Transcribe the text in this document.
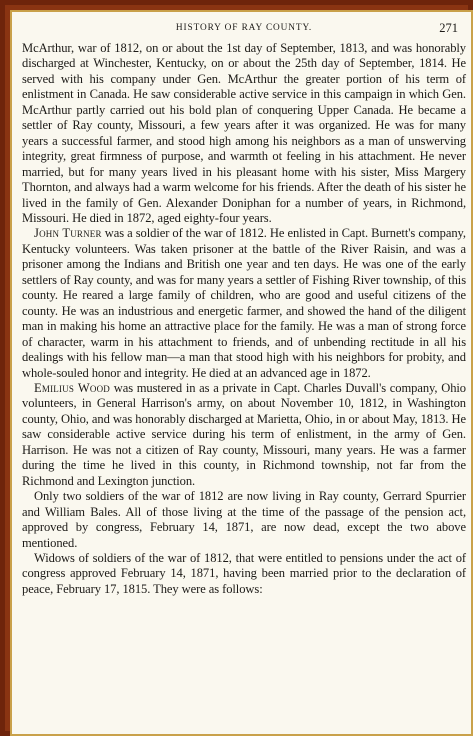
HISTORY OF RAY COUNTY.	271

McArthur, war of 1812, on or about the 1st day of September, 1813, and was honorably discharged at Winchester, Kentucky, on or about the 25th day of September, 1814. He served with his company under Gen. McArthur the greater portion of his term of enlistment in Canada. He saw considerable active service in this campaign in which Gen. McArthur partly carried out his bold plan of conquering Upper Canada. He became a settler of Ray county, Missouri, a few years after it was organized. He was for many years a successful farmer, and stood high among his neighbors as a man of unswerving integrity, great firmness of purpose, and warmth ot feeling in his attachment. He never married, but for many years lived in his pleasant home with his sister, Miss Margery Thornton, and always had a warm welcome for his friends. After the death of his sister he lived in the family of Gen. Alexander Doniphan for a number of years, in Richmond, Missouri. He died in 1872, aged eighty-four years.

John Turner was a soldier of the war of 1812. He enlisted in Capt. Burnett's company, Kentucky volunteers. Was taken prisoner at the battle of the River Raisin, and was a prisoner among the Indians and British one year and ten days. He was one of the early settlers of Ray county, and was for many years a settler of Fishing River township, of this county. He reared a large family of children, who are good and useful citizens of the county. He was an industrious and energetic farmer, and showed the hand of the diligent man in making his home an attractive place for the family. He was a man of strong force of character, warm in his attachment to friends, and of unbending rectitude in all his dealings with his fellow man—a man that stood high with his neighbors for probity, and whole-souled honor and integrity. He died at an advanced age in 1872.

Emilius Wood was mustered in as a private in Capt. Charles Duvall's company, Ohio volunteers, in General Harrison's army, on about November 10, 1812, in Washington county, Ohio, and was honorably discharged at Marietta, Ohio, in or about May, 1813. He saw considerable active service during his term of enlistment, in the army of Gen. Harrison. He was not a citizen of Ray county, Missouri, many years. He was a farmer during the time he lived in this county, in Richmond township, not far from the Richmond and Lexington junction.

Only two soldiers of the war of 1812 are now living in Ray county, Gerrard Spurrier and William Bales. All of those living at the time of the passage of the pension act, approved by congress, February 14, 1871, are now dead, except the two above mentioned.

Widows of soldiers of the war of 1812, that were entitled to pensions under the act of congress approved February 14, 1871, having been married prior to the declaration of peace, February 17, 1815. They were as follows:
